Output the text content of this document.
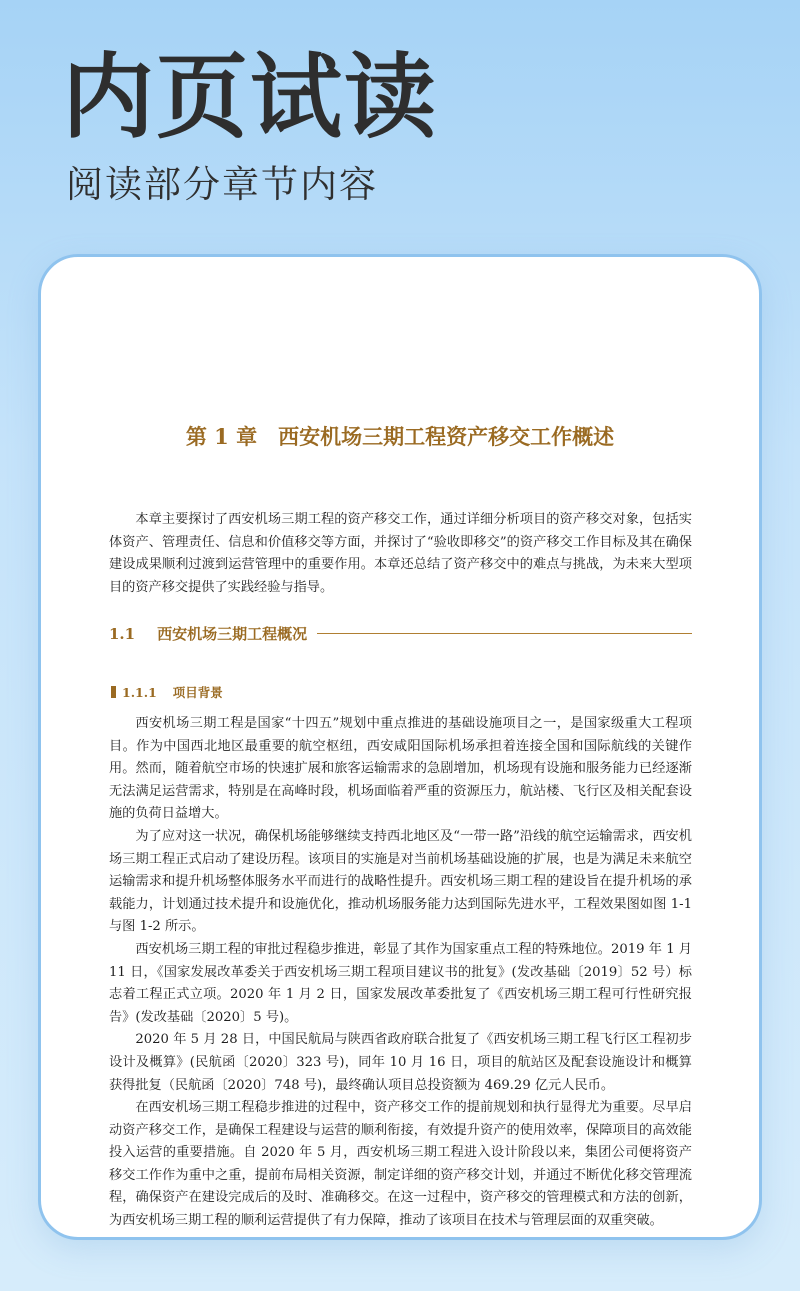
内页试读
阅读部分章节内容
第 1 章　西安机场三期工程资产移交工作概述

本章主要探讨了西安机场三期工程的资产移交工作，通过详细分析项目的资产移交对象，包括实体资产、管理责任、信息和价值移交等方面，并探讨了“验收即移交”的资产移交工作目标及其在确保建设成果顺利过渡到运营管理中的重要作用。本章还总结了资产移交中的难点与挑战，为未来大型项目的资产移交提供了实践经验与指导。

1.1 西安机场三期工程概况
1.1.1 项目背景

西安机场三期工程是国家“十四五”规划中重点推进的基础设施项目之一，是国家级重大工程项目。作为中国西北地区最重要的航空枢纽，西安咸阳国际机场承担着连接全国和国际航线的关键作用。然而，随着航空市场的快速扩展和旅客运输需求的急剧增加，机场现有设施和服务能力已经逐渐无法满足运营需求，特别是在高峰时段，机场面临着严重的资源压力，航站楼、飞行区及相关配套设施的负荷日益增大。

为了应对这一状况，确保机场能够继续支持西北地区及“一带一路”沿线的航空运输需求，西安机场三期工程正式启动了建设历程。该项目的实施是对当前机场基础设施的扩展，也是为满足未来航空运输需求和提升机场整体服务水平而进行的战略性提升。西安机场三期工程的建设旨在提升机场的承载能力，计划通过技术提升和设施优化，推动机场服务能力达到国际先进水平，工程效果图如图 1-1 与图 1-2 所示。

西安机场三期工程的审批过程稳步推进，彰显了其作为国家重点工程的特殊地位。2019 年 1 月 11 日，《国家发展改革委关于西安机场三期工程项目建议书的批复》(发改基础〔2019〕52 号）标志着工程正式立项。2020 年 1 月 2 日，国家发展改革委批复了《西安机场三期工程可行性研究报告》(发改基础〔2020〕5 号)。

2020 年 5 月 28 日，中国民航局与陕西省政府联合批复了《西安机场三期工程飞行区工程初步设计及概算》(民航函〔2020〕323 号)，同年 10 月 16 日，项目的航站区及配套设施设计和概算获得批复（民航函〔2020〕748 号)，最终确认项目总投资额为 469.29 亿元人民币。

在西安机场三期工程稳步推进的过程中，资产移交工作的提前规划和执行显得尤为重要。尽早启动资产移交工作，是确保工程建设与运营的顺利衔接，有效提升资产的使用效率，保障项目的高效能投入运营的重要措施。自 2020 年 5 月，西安机场三期工程进入设计阶段以来，集团公司便将资产移交工作作为重中之重，提前布局相关资源，制定详细的资产移交计划，并通过不断优化移交管理流程，确保资产在建设完成后的及时、准确移交。在这一过程中，资产移交的管理模式和方法的创新，为西安机场三期工程的顺利运营提供了有力保障，推动了该项目在技术与管理层面的双重突破。
